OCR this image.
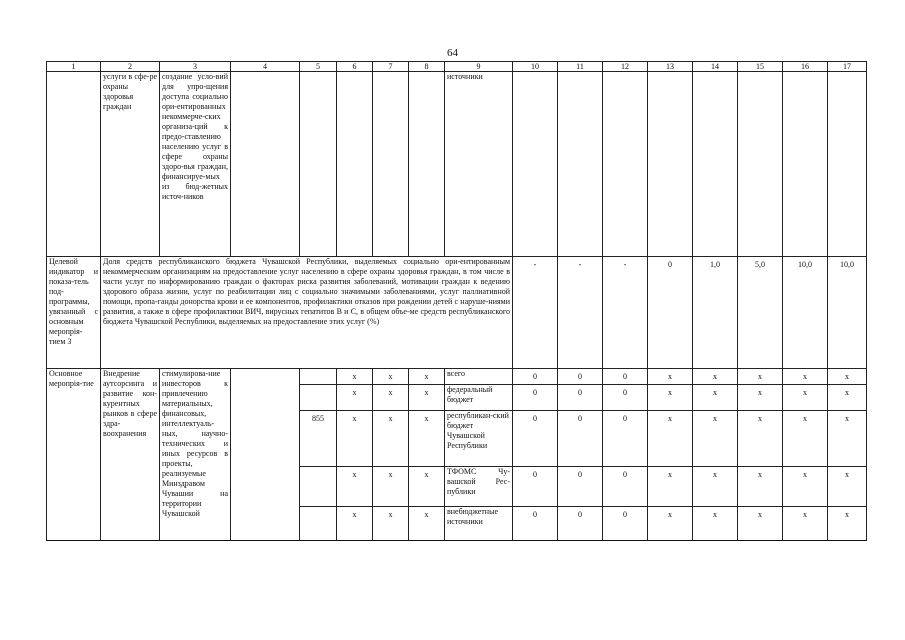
64
1	2	3	4	5	6	7	8	9	10	11	12	13	14	15	16	17
	услуги в сфе-ре охраны здоровья граждан	создание усло-вий для упро-щения доступа социально ори-ентированных некоммерче-ских организа-ций к предо-ставлению населению услуг в сфере охраны здоро-вья граждан, финансируе-мых из бюд-жетных источ-ников						источники								
Целевой индикатор и показа-тель под-программы, увязанный с основным меропрія-тием 3	Доля средств республиканского бюджета Чувашской Республики, выделяемых социально ори-ентированным некоммерческим организациям на предоставление услуг населению в сфере охраны здоровья граждан, в том числе в части услуг по информированию граждан о факторах риска развития заболеваний, мотивации граждан к ведению здорового образа жизни, услуг по реабилитации лиц с социально значимыми заболеваниями, услуг паллиативной помощи, пропа-ганды донорства крови и ее компонентов, профилактики отказов при рождении детей с наруше-ниями развития, а также в сфере профилактики ВИЧ, вирусных гепатитов B и C, в общем объе-ме средств республиканского бюджета Чувашской Республики, выделяемых на предоставление этих услуг (%)								-	-	-	0	1,0	5,0	10,0	10,0
Основное меропрія-тие	Внедрение аутсорсинга и развитие кон-курентных рынков в сфере здра-воохранения	стимулирова-ние инвесторов к привлечению материальных, финансовых, интеллектуаль-ных, научно-технических и иных ресурсов в проекты, реализуемые Минздравом Чувашии на территории Чувашской			x	x	x	всего	0	0	0	x	x	x	x	x
					x	x	x	федеральный бюджет	0	0	0	x	x	x	x	x
				855	x	x	x	республикан-ский бюджет Чувашской Республики	0	0	0	x	x	x	x	x
					x	x	x	ТФОМС Чу-вашской Рес-публики	0	0	0	x	x	x	x	x
					x	x	x	внебюджетные источники	0	0	0	x	x	x	x	x
